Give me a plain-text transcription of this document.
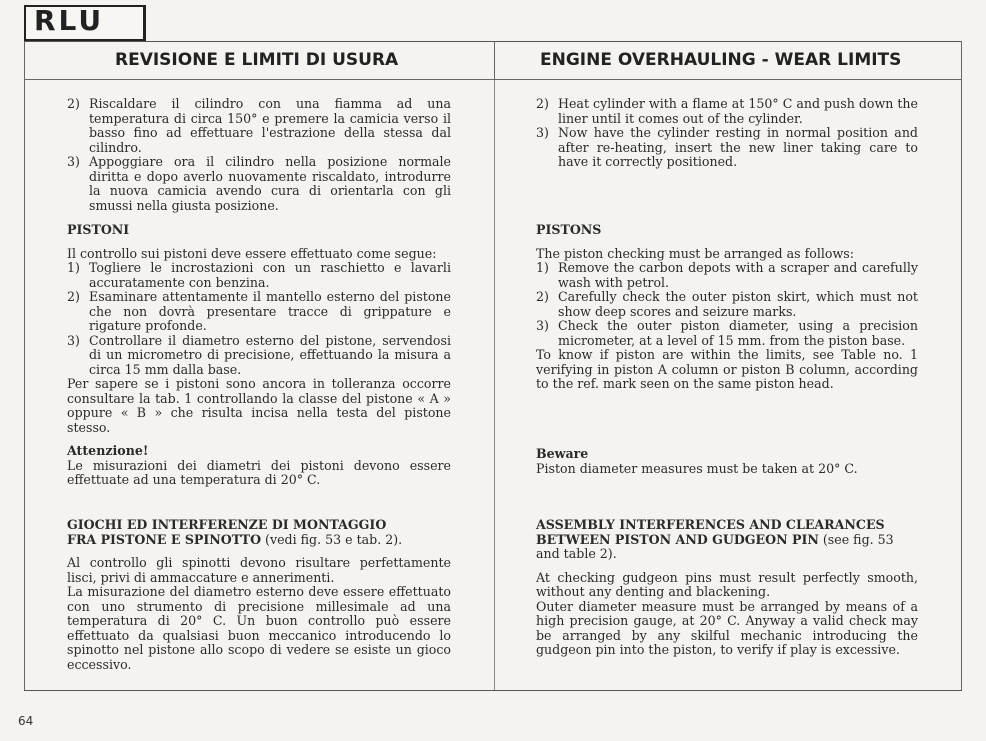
RLU
REVISIONE E LIMITI DI USURA	ENGINE OVERHAULING - WEAR LIMITS
2) Riscaldare il cilindro con una fiamma ad una temperatura di circa 150° e premere la camicia verso il basso fino ad effettuare l'estrazione della stessa dal cilindro.
3) Appoggiare ora il cilindro nella posizione normale diritta e dopo averlo nuovamente riscaldato, introdurre la nuova camicia avendo cura di orientarla con gli smussi nella giusta posizione.

PISTONI

Il controllo sui pistoni deve essere effettuato come segue:

1) Togliere le incrostazioni con un raschietto e lavarli accuratamente con benzina.
2) Esaminare attentamente il mantello esterno del pistone che non dovrà presentare tracce di grippature e rigature profonde.
3) Controllare il diametro esterno del pistone, servendosi di un micrometro di precisione, effettuando la misura a circa 15 mm dalla base.

Per sapere se i pistoni sono ancora in tolleranza occorre consultare la tab. 1 controllando la classe del pistone « A » oppure « B » che risulta incisa nella testa del pistone stesso.

Attenzione!

Le misurazioni dei diametri dei pistoni devono essere effettuate ad una temperatura di 20° C.

GIOCHI ED INTERFERENZE DI MONTAGGIO

FRA PISTONE E SPINOTTO (vedi fig. 53 e tab. 2).

Al controllo gli spinotti devono risultare perfettamente lisci, privi di ammaccature e annerimenti.

La misurazione del diametro esterno deve essere effettuato con uno strumento di precisione millesimale ad una temperatura di 20° C. Un buon controllo può essere effettuato da qualsiasi buon meccanico introducendo lo spinotto nel pistone allo scopo di vedere se esiste un gioco eccessivo.

2) Heat cylinder with a flame at 150° C and push down the liner until it comes out of the cylinder.
3) Now have the cylinder resting in normal position and after re-heating, insert the new liner taking care to have it correctly positioned.

PISTONS

The piston checking must be arranged as follows:

1) Remove the carbon depots with a scraper and carefully wash with petrol.
2) Carefully check the outer piston skirt, which must not show deep scores and seizure marks.
3) Check the outer piston diameter, using a precision micrometer, at a level of 15 mm. from the piston base.

To know if piston are within the limits, see Table no. 1 verifying in piston A column or piston B column, according to the ref. mark seen on the same piston head.

Beware

Piston diameter measures must be taken at 20° C.

ASSEMBLY INTERFERENCES AND CLEARANCES

BETWEEN PISTON AND GUDGEON PIN (see fig. 53 and table 2).

At checking gudgeon pins must result perfectly smooth, without any denting and blackening.

Outer diameter measure must be arranged by means of a high precision gauge, at 20° C. Anyway a valid check may be arranged by any skilful mechanic introducing the gudgeon pin into the piston, to verify if play is excessive.

64
